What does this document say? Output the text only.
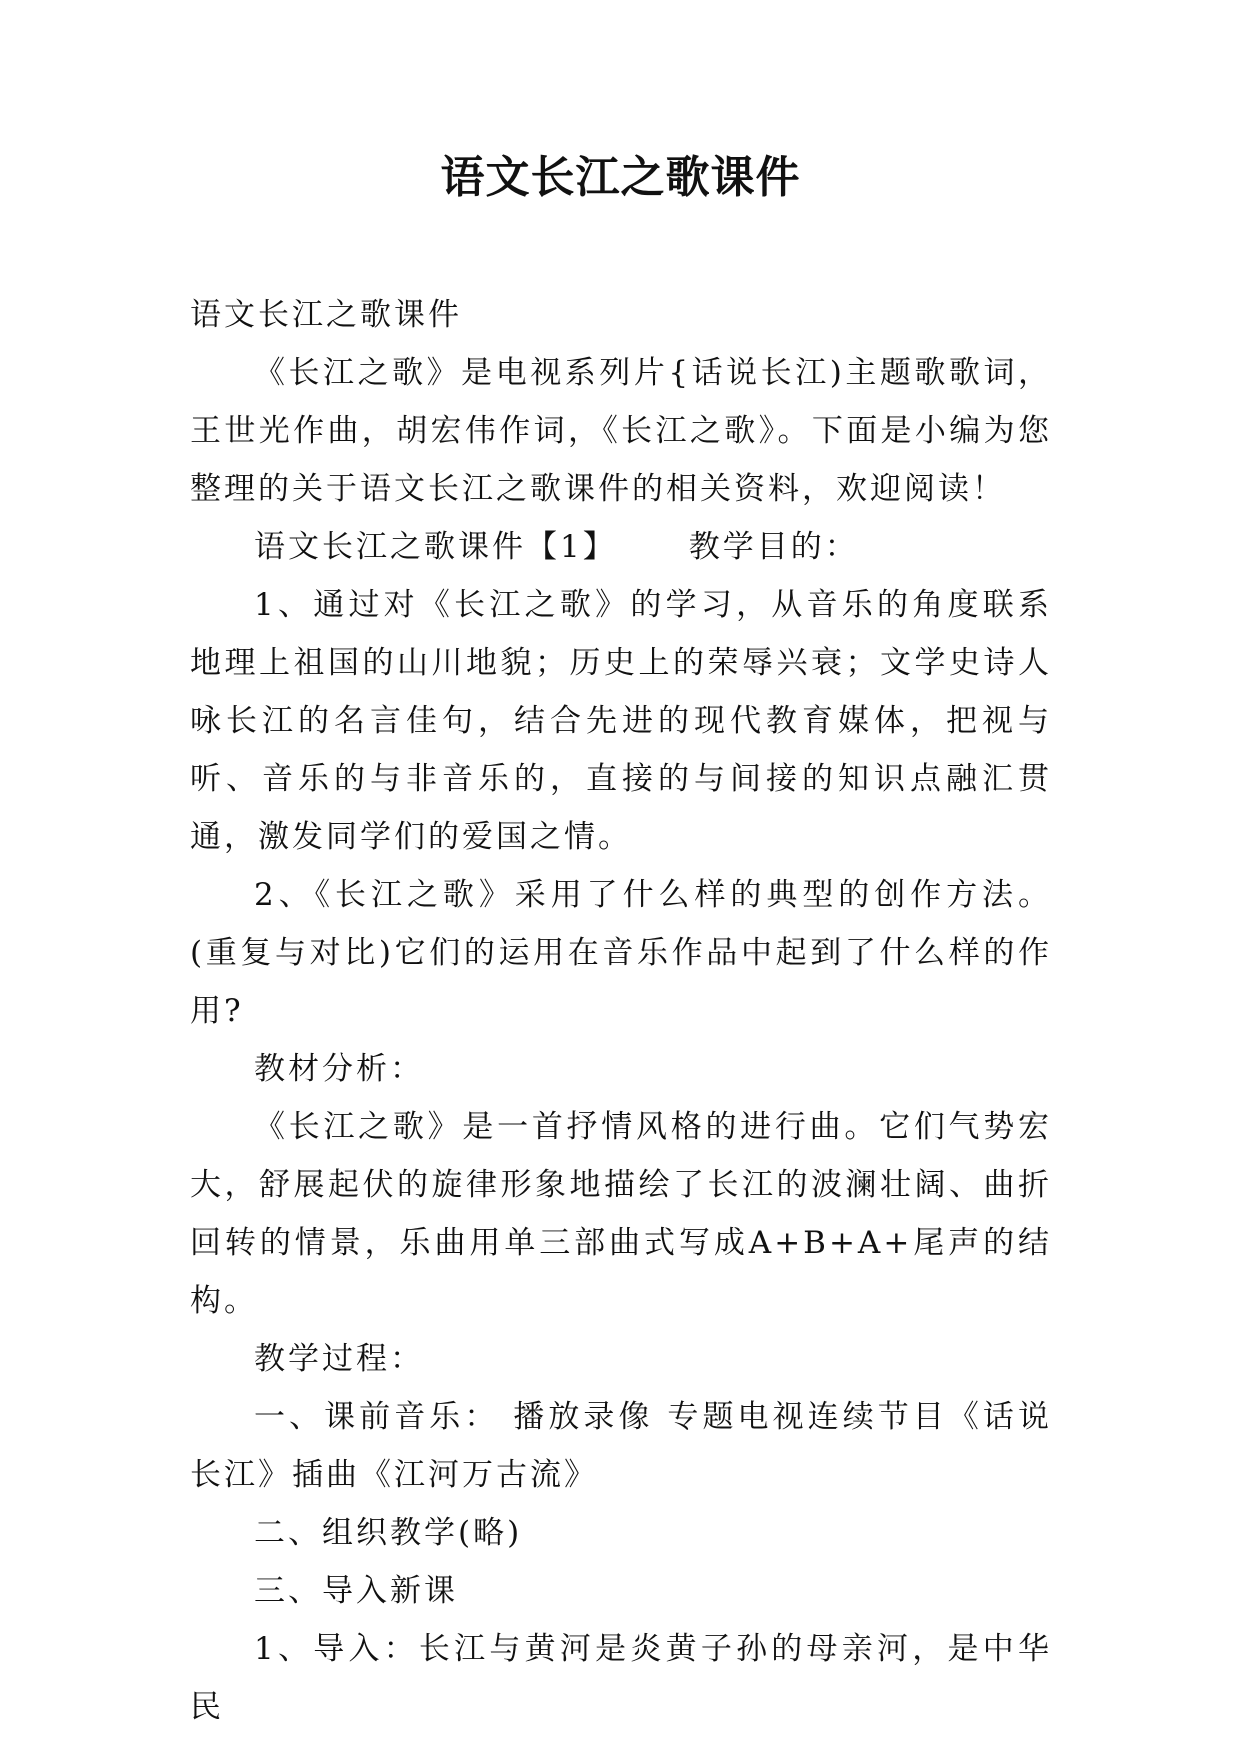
语文长江之歌课件

语文长江之歌课件

《长江之歌》是电视系列片{话说长江)主题歌歌词，王世光作曲，胡宏伟作词，《长江之歌》。下面是小编为您整理的关于语文长江之歌课件的相关资料，欢迎阅读！

语文长江之歌课件【1】 教学目的：

1、通过对《长江之歌》的学习，从音乐的角度联系地理上祖国的山川地貌；历史上的荣辱兴衰；文学史诗人咏长江的名言佳句，结合先进的现代教育媒体，把视与听、音乐的与非音乐的，直接的与间接的知识点融汇贯通，激发同学们的爱国之情。

2、《长江之歌》采用了什么样的典型的创作方法。(重复与对比)它们的运用在音乐作品中起到了什么样的作用?

教材分析：

《长江之歌》是一首抒情风格的进行曲。它们气势宏大，舒展起伏的旋律形象地描绘了长江的波澜壮阔、曲折回转的情景，乐曲用单三部曲式写成A+B+A+尾声的结构。

教学过程：

一、课前音乐： 播放录像 专题电视连续节目《话说长江》插曲《江河万古流》

二、组织教学(略)

三、导入新课

1、导入：长江与黄河是炎黄子孙的母亲河，是中华民
